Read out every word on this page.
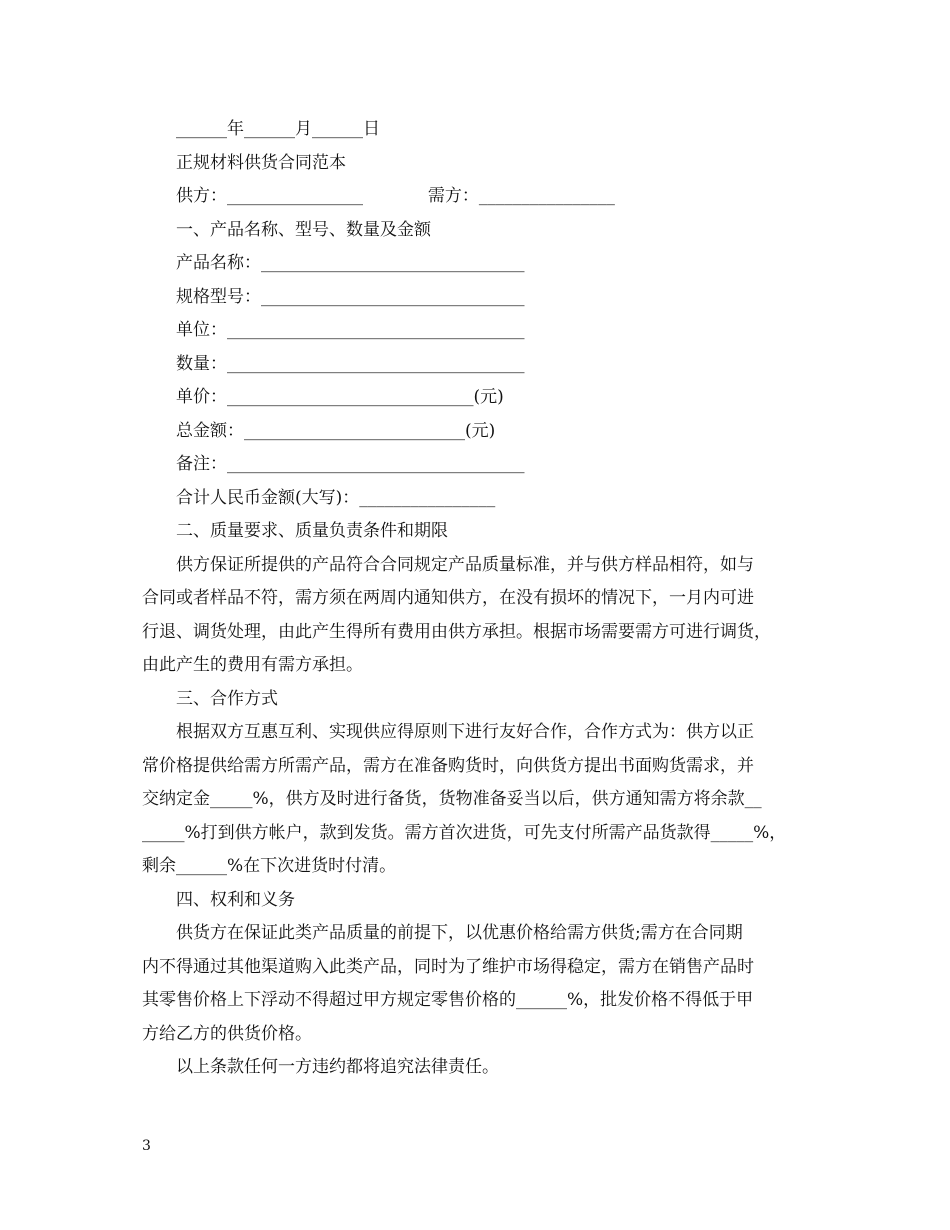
______年______月______日
正规材料供货合同范本
供方：________________            需方：________________
一、产品名称、型号、数量及金额
产品名称：_______________________________
规格型号：_______________________________
单位：___________________________________
数量：___________________________________
单价：_____________________________(元)
总金额：__________________________(元)
备注：___________________________________
合计人民币金额(大写)：________________
二、质量要求、质量负责条件和期限
供方保证所提供的产品符合合同规定产品质量标准，并与供方样品相符，如与
合同或者样品不符，需方须在两周内通知供方，在没有损坏的情况下，一月内可进
行退、调货处理，由此产生得所有费用由供方承担。根据市场需要需方可进行调货，
由此产生的费用有需方承担。
三、合作方式
根据双方互惠互利、实现供应得原则下进行友好合作，合作方式为：供方以正
常价格提供给需方所需产品，需方在准备购货时，向供货方提出书面购货需求，并
交纳定金_____%，供方及时进行备货，货物准备妥当以后，供方通知需方将余款__
_____%打到供方帐户，款到发货。需方首次进货，可先支付所需产品货款得_____%，
剩余______%在下次进货时付清。
四、权利和义务
供货方在保证此类产品质量的前提下，以优惠价格给需方供货;需方在合同期
内不得通过其他渠道购入此类产品，同时为了维护市场得稳定，需方在销售产品时
其零售价格上下浮动不得超过甲方规定零售价格的______%，批发价格不得低于甲
方给乙方的供货价格。
以上条款任何一方违约都将追究法律责任。
3
